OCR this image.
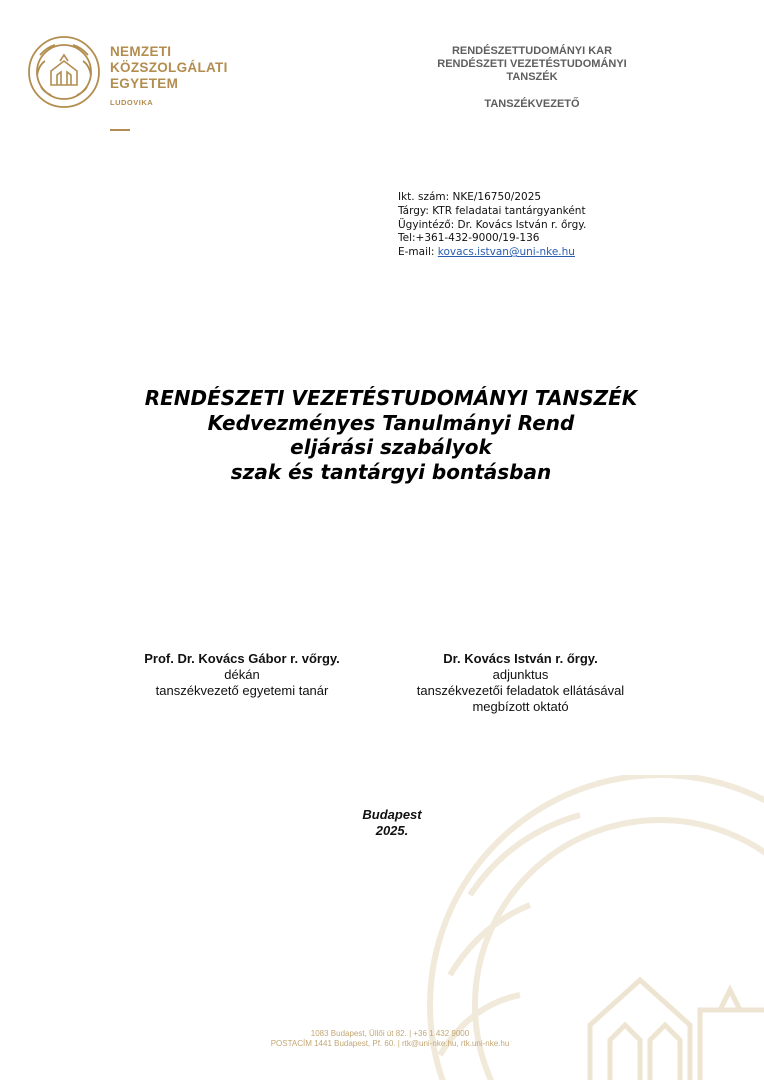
NEMZETI
KÖZSZOLGÁLATI
EGYETEM
LUDOVIKA
RENDÉSZETTUDOMÁNYI KAR
RENDÉSZETI VEZETÉSTUDOMÁNYI
TANSZÉK
TANSZÉKVEZETŐ
Ikt. szám: NKE/16750/2025
Tárgy: KTR feladatai tantárgyanként
Ügyintéző: Dr. Kovács István r. őrgy.
Tel:+361-432-9000/19-136
E-mail: kovacs.istvan@uni-nke.hu
RENDÉSZETI VEZETÉSTUDOMÁNYI TANSZÉK
Kedvezményes Tanulmányi Rend
eljárási szabályok
szak és tantárgyi bontásban
Prof. Dr. Kovács Gábor r. vőrgy.
dékán
tanszékvezető egyetemi tanár
Dr. Kovács István r. őrgy.
adjunktus
tanszékvezetői feladatok ellátásával
megbízott oktató
Budapest
2025.
1083 Budapest, Üllői út 82. | +36 1 432 9000
POSTACÍM 1441 Budapest, Pf. 60. | rtk@uni-nke.hu, rtk.uni-nke.hu
